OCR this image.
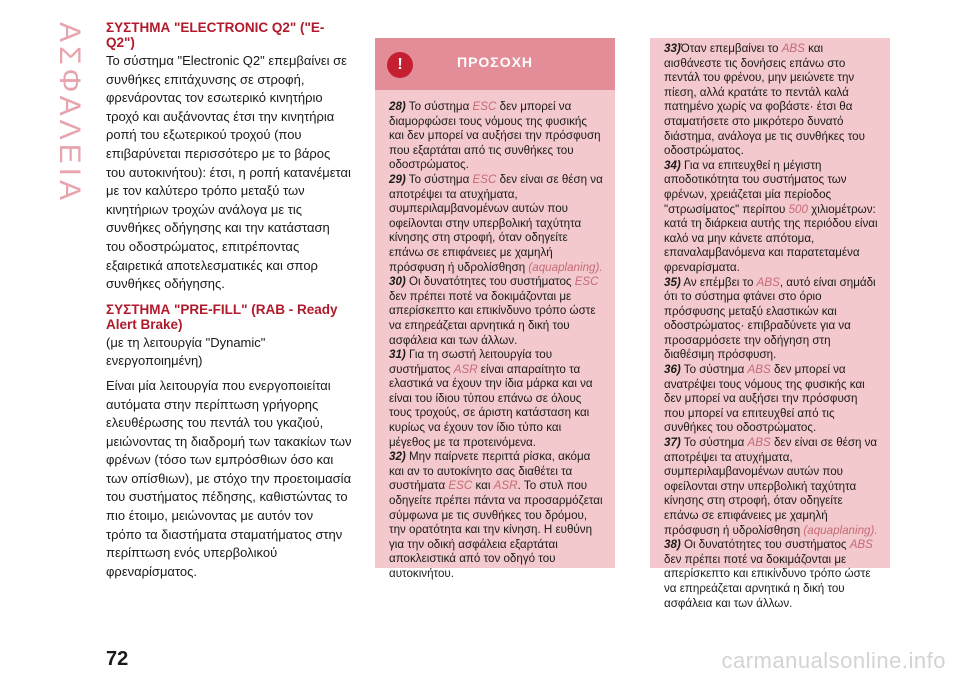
ΑΣΦΑΛΕΙΑ ΣΥΣΤΗΜΑ "ELECTRONIC Q2" ("E-Q2")

Το σύστημα "Electronic Q2" επεμβαίνει σε συνθήκες επιτάχυνσης σε στροφή, φρενάροντας τον εσωτερικό κινητήριο τροχό και αυξάνοντας έτσι την κινητήρια ροπή του εξωτερικού τροχού (που επιβαρύνεται περισσότερο με το βάρος του αυτοκινήτου): έτσι, η ροπή κατανέμεται με τον καλύτερο τρόπο μεταξύ των κινητήριων τροχών ανάλογα με τις συνθήκες οδήγησης και την κατάσταση του οδοστρώματος, επιτρέποντας εξαιρετικά αποτελεσματικές και σπορ συνθήκες οδήγησης.

ΣΥΣΤΗΜΑ "PRE-FILL" (RAB - Ready Alert Brake)

(με τη λειτουργία "Dynamic" ενεργοποιημένη)

Είναι μία λειτουργία που ενεργοποιείται αυτόματα στην περίπτωση γρήγορης ελευθέρωσης του πεντάλ του γκαζιού, μειώνοντας τη διαδρομή των τακακίων των φρένων (τόσο των εμπρόσθιων όσο και των οπίσθιων), με στόχο την προετοιμασία του συστήματος πέδησης, καθιστώντας το πιο έτοιμο, μειώνοντας με αυτόν τον τρόπο τα διαστήματα σταματήματος στην περίπτωση ενός υπερβολικού φρεναρίσματος.

!	ΠΡΟΣΟΧΗ

28) Το σύστημα ESC δεν μπορεί να διαμορφώσει τους νόμους της φυσικής και δεν μπορεί να αυξήσει την πρόσφυση που εξαρτάται από τις συνθήκες του οδοστρώματος.

29) Το σύστημα ESC δεν είναι σε θέση να αποτρέψει τα ατυχήματα, συμπεριλαμβανομένων αυτών που οφείλονται στην υπερβολική ταχύτητα κίνησης στη στροφή, όταν οδηγείτε επάνω σε επιφάνειες με χαμηλή πρόσφυση ή υδρολίσθηση (aquaplaning).

30) Οι δυνατότητες του συστήματος ESC δεν πρέπει ποτέ να δοκιμάζονται με απερίσκεπτο και επικίνδυνο τρόπο ώστε να επηρεάζεται αρνητικά η δική του ασφάλεια και των άλλων.

31) Για τη σωστή λειτουργία του συστήματος ASR είναι απαραίτητο τα ελαστικά να έχουν την ίδια μάρκα και να είναι του ίδιου τύπου επάνω σε όλους τους τροχούς, σε άριστη κατάσταση και κυρίως να έχουν τον ίδιο τύπο και μέγεθος με τα προτεινόμενα.

32) Μην παίρνετε περιττά ρίσκα, ακόμα και αν το αυτοκίνητο σας διαθέτει τα συστήματα ESC και ASR. Το στυλ που οδηγείτε πρέπει πάντα να προσαρμόζεται σύμφωνα με τις συνθήκες του δρόμου, την ορατότητα και την κίνηση. Η ευθύνη για την οδική ασφάλεια εξαρτάται αποκλειστικά από τον οδηγό του αυτοκινήτου.

33)Όταν επεμβαίνει το ABS και αισθάνεστε τις δονήσεις επάνω στο πεντάλ του φρένου, μην μειώνετε την πίεση, αλλά κρατάτε το πεντάλ καλά πατημένο χωρίς να φοβάστε· έτσι θα σταματήσετε στο μικρότερο δυνατό διάστημα, ανάλογα με τις συνθήκες του οδοστρώματος.

34) Για να επιτευχθεί η μέγιστη αποδοτικότητα του συστήματος των φρένων, χρειάζεται μία περίοδος "στρωσίματος" περίπου 500 χιλιομέτρων: κατά τη διάρκεια αυτής της περιόδου είναι καλό να μην κάνετε απότομα, επαναλαμβανόμενα και παρατεταμένα φρεναρίσματα.

35) Αν επέμβει το ABS, αυτό είναι σημάδι ότι το σύστημα φτάνει στο όριο πρόσφυσης μεταξύ ελαστικών και οδοστρώματος· επιβραδύνετε για να προσαρμόσετε την οδήγηση στη διαθέσιμη πρόσφυση.

36) Το σύστημα ABS δεν μπορεί να ανατρέψει τους νόμους της φυσικής και δεν μπορεί να αυξήσει την πρόσφυση που μπορεί να επιτευχθεί από τις συνθήκες του οδοστρώματος.

37) Το σύστημα ABS δεν είναι σε θέση να αποτρέψει τα ατυχήματα, συμπεριλαμβανομένων αυτών που οφείλονται στην υπερβολική ταχύτητα κίνησης στη στροφή, όταν οδηγείτε επάνω σε επιφάνειες με χαμηλή πρόσφυση ή υδρολίσθηση (aquaplaning).

38) Οι δυνατότητες του συστήματος ABS δεν πρέπει ποτέ να δοκιμάζονται με απερίσκεπτο και επικίνδυνο τρόπο ώστε να επηρεάζεται αρνητικά η δική του ασφάλεια και των άλλων.

72	carmanualsonline.info
